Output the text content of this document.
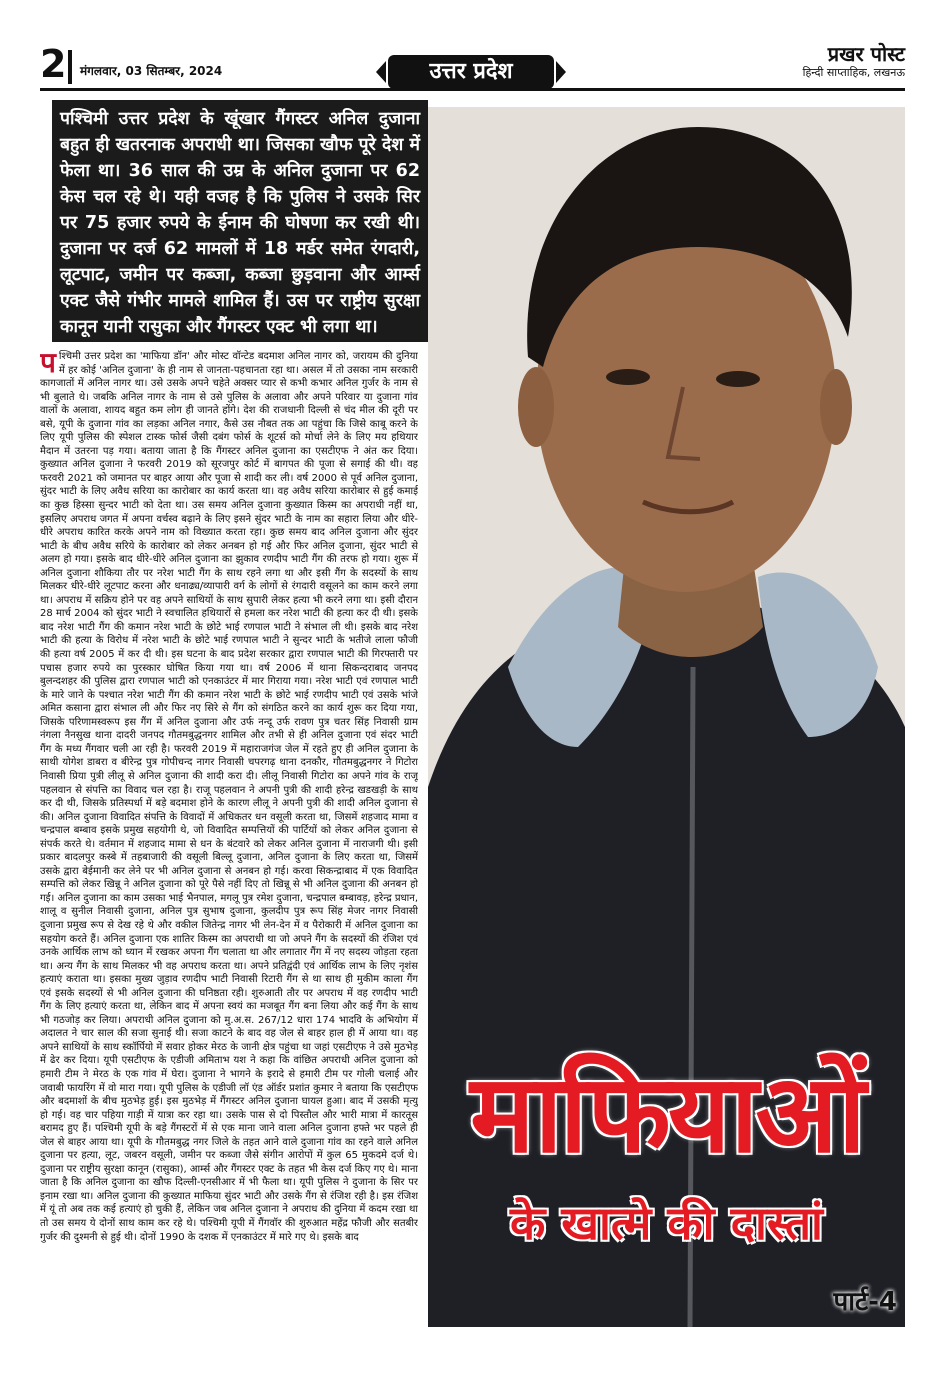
2 मंगलवार, 03 सितम्बर, 2024	उत्तर प्रदेश
प्रखर पोस्ट
हिन्दी साप्ताहिक, लखनऊ
पश्चिमी उत्तर प्रदेश के खूंखार गैंगस्टर अनिल दुजाना बहुत ही खतरनाक अपराधी था। जिसका खौफ पूरे देश में फेला था। 36 साल की उम्र के अनिल दुजाना पर 62 केस चल रहे थे। यही वजह है कि पुलिस ने उसके सिर पर 75 हजार रुपये के ईनाम की घोषणा कर रखी थी। दुजाना पर दर्ज 62 मामलों में 18 मर्डर समेत रंगदारी, लूटपाट, जमीन पर कब्जा, कब्जा छुड़वाना और आर्म्स एक्ट जैसे गंभीर मामले शामिल हैं। उस पर राष्ट्रीय सुरक्षा कानून यानी रासुका और गैंगस्टर एक्ट भी लगा था।
पश्चिमी उत्तर प्रदेश का 'माफिया डॉन' और मोस्ट वॉन्टेड बदमाश अनिल नागर को, जरायम की दुनिया में हर कोई 'अनिल दुजाना' के ही नाम से जानता-पहचानता रहा था। असल में तो उसका नाम सरकारी कागजातों में अनिल नागर था। उसे उसके अपने चहेते अक्सर प्यार से कभी कभार अनिल गुर्जर के नाम से भी बुलाते थे। जबकि अनिल नागर के नाम से उसे पुलिस के अलावा और अपने परिवार या दुजाना गांव वालों के अलावा, शायद बहुत कम लोग ही जानते होंगे। देश की राजधानी दिल्ली से चंद मील की दूरी पर बसे, यूपी के दुजाना गांव का लड़का अनिल नगार, कैसे उस नौबत तक आ पहुंचा कि जिसे काबू करने के लिए यूपी पुलिस की स्पेशल टास्क फोर्स जैसी दबंग फोर्स के शूटर्स को मोर्चा लेने के लिए मय हथियार मैदान में उतरना पड़ गया। बताया जाता है कि गैंगस्टर अनिल दुजाना का एसटीएफ ने अंत कर दिया। कुख्यात अनिल दुजाना ने फरवरी 2019 को सूरजपुर कोर्ट में बागपत की पूजा से सगाई की थी। वह फरवरी 2021 को जमानत पर बाहर आया और पूजा से शादी कर ली। वर्ष 2000 से पूर्व अनिल दुजाना, सुंदर भाटी के लिए अवैध सरिया का कारोबार का कार्य करता था। वह अवैध सरिया कारोबार से हुई कमाई का कुछ हिस्सा सुन्दर भाटी को देता था। उस समय अनिल दुजाना कुख्यात किस्म का अपराधी नहीं था, इसलिए अपराध जगत में अपना वर्चस्व बढ़ाने के लिए इसने सुंदर भाटी के नाम का सहारा लिया और धीरे-धीरे अपराध कारित करके अपने नाम को विख्यात करता रहा। कुछ समय बाद अनिल दुजाना और सुंदर भाटी के बीच अवैध सरिये के कारोबार को लेकर अनबन हो गई और फिर अनिल दुजाना, सुंदर भाटी से अलग हो गया। इसके बाद धीरे-धीरे अनिल दुजाना का झुकाव रणदीप भाटी गैंग की तरफ हो गया। शुरू में अनिल दुजाना शौकिया तौर पर नरेश भाटी गैंग के साथ रहने लगा था और इसी गैंग के सदस्यों के साथ मिलकर धीरे-धीरे लूटपाट करना और धनाढ्य/व्यापारी वर्ग के लोगों से रंगदारी वसूलने का काम करने लगा था। अपराध में सक्रिय होने पर वह अपने साथियों के साथ सुपारी लेकर हत्या भी करने लगा था। इसी दौरान 28 मार्च 2004 को सुंदर भाटी ने स्वचालित हथियारों से हमला कर नरेश भाटी की हत्या कर दी थी। इसके बाद नरेश भाटी गैंग की कमान नरेश भाटी के छोटे भाई रणपाल भाटी ने संभाल ली थी। इसके बाद नरेश भाटी की हत्या के विरोध में नरेश भाटी के छोटे भाई रणपाल भाटी ने सुन्दर भाटी के भतीजे लाला फौजी की हत्या वर्ष 2005 में कर दी थी। इस घटना के बाद प्रदेश सरकार द्वारा रणपाल भाटी की गिरफ्तारी पर पचास हजार रुपये का पुरस्कार घोषित किया गया था। वर्ष 2006 में थाना सिकन्दराबाद जनपद बुलन्दशहर की पुलिस द्वारा रणपाल भाटी को एनकाउंटर में मार गिराया गया। नरेश भाटी एवं रणपाल भाटी के मारे जाने के पश्चात नरेश भाटी गैंग की कमान नरेश भाटी के छोटे भाई रणदीप भाटी एवं उसके भांजे अमित कसाना द्वारा संभाल ली और फिर नए सिरे से गैंग को संगठित करने का कार्य शुरू कर दिया गया, जिसके परिणामस्वरूप इस गैंग में अनिल दुजाना और उर्फ नन्दू उर्फ रावण पुत्र चतर सिंह निवासी ग्राम नंगला नैनसुख थाना दादरी जनपद गौतमबुद्धनगर शामिल और तभी से ही अनिल दुजाना एवं संदर भाटी गैंग के मध्य गैंगवार चली आ रही है। फरवरी 2019 में महाराजगंज जेल में रहते हुए ही अनिल दुजाना के साथी योगेश डाबरा व बीरेन्द्र पुत्र गोपीचन्द नागर निवासी चपरगढ़ थाना दनकौर, गौतमबुद्धनगर ने गिटोरा निवासी प्रिया पुत्री लीलू से अनिल दुजाना की शादी करा दी। लीलू निवासी गिटोरा का अपने गांव के राजू पहलवान से संपत्ति का विवाद चल रहा है। राजू पहलवान ने अपनी पुत्री की शादी हरेन्द्र खडखड़ी के साथ कर दी थी, जिसके प्रतिस्पर्धा में बड़े बदमाश होने के कारण लीलू ने अपनी पुत्री की शादी अनिल दुजाना से की। अनिल दुजाना विवादित संपत्ति के विवादों में अधिकतर धन वसूली करता था, जिसमें शहजाद मामा व चन्द्रपाल बम्बाव इसके प्रमुख सहयोगी थे, जो विवादित सम्पत्तियों की पार्टियों को लेकर अनिल दुजाना से संपर्क करते थे। वर्तमान में शहजाद मामा से धन के बंटवारे को लेकर अनिल दुजाना में नाराजगी थी। इसी प्रकार बादलपुर कस्बे में तहबाजारी की वसूली बिल्लू दुजाना, अनिल दुजाना के लिए करता था, जिसमें उसके द्वारा बेईमानी कर लेने पर भी अनिल दुजाना से अनबन हो गई। करवा सिकन्द्राबाद में एक विवादित सम्पत्ति को लेकर खिन्नू ने अनिल दुजाना को पूरे पैसे नहीं दिए तो खिन्नू से भी अनिल दुजाना की अनबन हो गई। अनिल दुजाना का काम उसका भाई भैनपाल, मगलू पुत्र रमेश दुजाना, चन्द्रपाल बम्बावड़, हरेन्द्र प्रधान, शालू व सुनील निवासी दुजाना, अनिल पुत्र सुभाष दुजाना, कुलदीप पुत्र रूप सिंह मेजर नागर निवासी दुजाना प्रमुख रूप से देख रहे थे और वकील जितेन्द्र नागर भी लेन-देन में व पैरोकारी में अनिल दुजाना का सहयोग करते हैं। अनिल दुजाना एक शातिर किस्म का अपराधी था जो अपने गैंग के सदस्यों की रंजिश एवं उनके आर्थिक लाभ को ध्यान में रखकर अपना गैंग चलाता था और लगातार गैंग में नए सदस्य जोड़ता रहता था। अन्य गैंग के साथ मिलकर भी वह अपराध करता था। अपने प्रतिद्वंदी एवं आर्थिक लाभ के लिए नृशंस हत्याएं कराता था। इसका मुख्य जुड़ाव रणदीप भाटी निवासी रिटारी गैंग से था साथ ही मुकीम काला गैंग एवं इसके सदस्यों से भी अनिल दुजाना की घनिष्ठता रही। शुरुआती तौर पर अपराध में वह रणदीप भाटी गैंग के लिए हत्याएं करता था, लेकिन बाद में अपना स्वयं का मजबूत गैंग बना लिया और कई गैंग के साथ भी गठजोड़ कर लिया। अपराधी अनिल दुजाना को मु.अ.स. 267/12 धारा 174 भादवि के अभियोग में अदालत ने चार साल की सजा सुनाई थी। सजा काटने के बाद वह जेल से बाहर हाल ही में आया था। वह अपने साथियों के साथ स्कॉर्पियो में सवार होकर मेरठ के जानी क्षेत्र पहुंचा था जहां एसटीएफ ने उसे मुठभेड़ में ढेर कर दिया। यूपी एसटीएफ के एडीजी अमिताभ यश ने कहा कि वांछित अपराधी अनिल दुजाना को हमारी टीम ने मेरठ के एक गांव में घेरा। दुजाना ने भागने के इरादे से हमारी टीम पर गोली चलाई और जवाबी फायरिंग में वो मारा गया। यूपी पुलिस के एडीजी लॉ एंड ऑर्डर प्रशांत कुमार ने बताया कि एसटीएफ और बदमाशों के बीच मुठभेड़ हुई। इस मुठभेड़ में गैंगस्टर अनिल दुजाना घायल हुआ। बाद में उसकी मृत्यु हो गई। वह चार पहिया गाड़ी में यात्रा कर रहा था। उसके पास से दो पिस्तौल और भारी मात्रा में कारतूस बरामद हुए हैं। पश्चिमी यूपी के बड़े गैंगस्टरों में से एक माना जाने वाला अनिल दुजाना हफ्ते भर पहले ही जेल से बाहर आया था। यूपी के गौतमबुद्ध नगर जिले के तहत आने वाले दुजाना गांव का रहने वाले अनिल दुजाना पर हत्या, लूट, जबरन वसूली, जमीन पर कब्जा जैसे संगीन आरोपों में कुल 65 मुकदमे दर्ज थे। दुजाना पर राष्ट्रीय सुरक्षा कानून (रासुका), आर्म्स और गैंगस्टर एक्ट के तहत भी केस दर्ज किए गए थे। माना जाता है कि अनिल दुजाना का खौफ दिल्ली-एनसीआर में भी फैला था। यूपी पुलिस ने दुजाना के सिर पर इनाम रखा था। अनिल दुजाना की कुख्यात माफिया सुंदर भाटी और उसके गैंग से रंजिश रही है। इस रंजिश में यूं तो अब तक कई हत्याएं हो चुकी हैं, लेकिन जब अनिल दुजाना ने अपराध की दुनिया में कदम रखा था तो उस समय ये दोनों साथ काम कर रहे थे। पश्चिमी यूपी में गैंगवॉर की शुरुआत महेंद्र फौजी और सतबीर गुर्जर की दुश्मनी से हुई थी। दोनों 1990 के दशक में एनकाउंटर में मारे गए थे। इसके बाद
माफियाओं
के खात्मे की दास्तां
पार्ट-4
